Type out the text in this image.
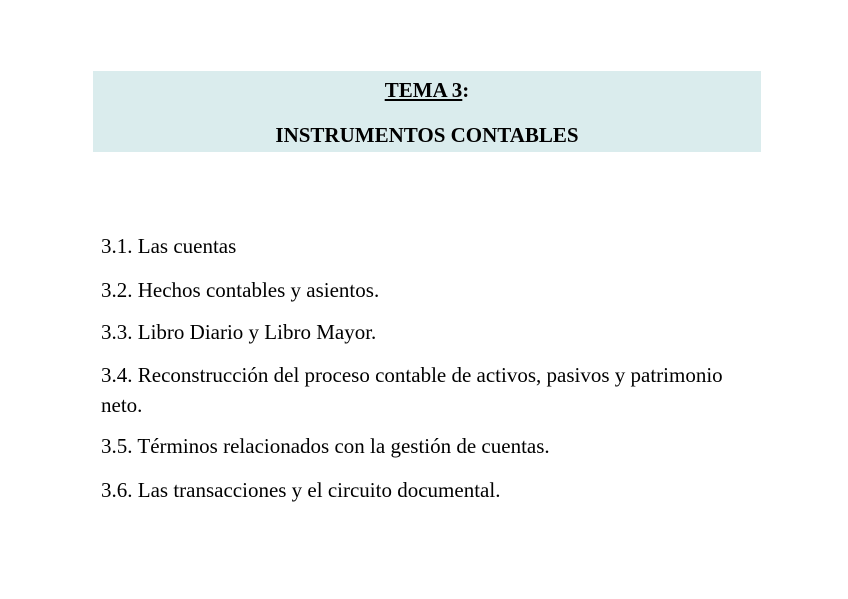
TEMA 3:
INSTRUMENTOS CONTABLES
3.1. Las cuentas
3.2. Hechos contables y asientos.
3.3. Libro Diario y Libro Mayor.
3.4. Reconstrucción del proceso contable de activos, pasivos y patrimonio neto.
3.5. Términos relacionados con la gestión de cuentas.
3.6. Las transacciones y el circuito documental.
